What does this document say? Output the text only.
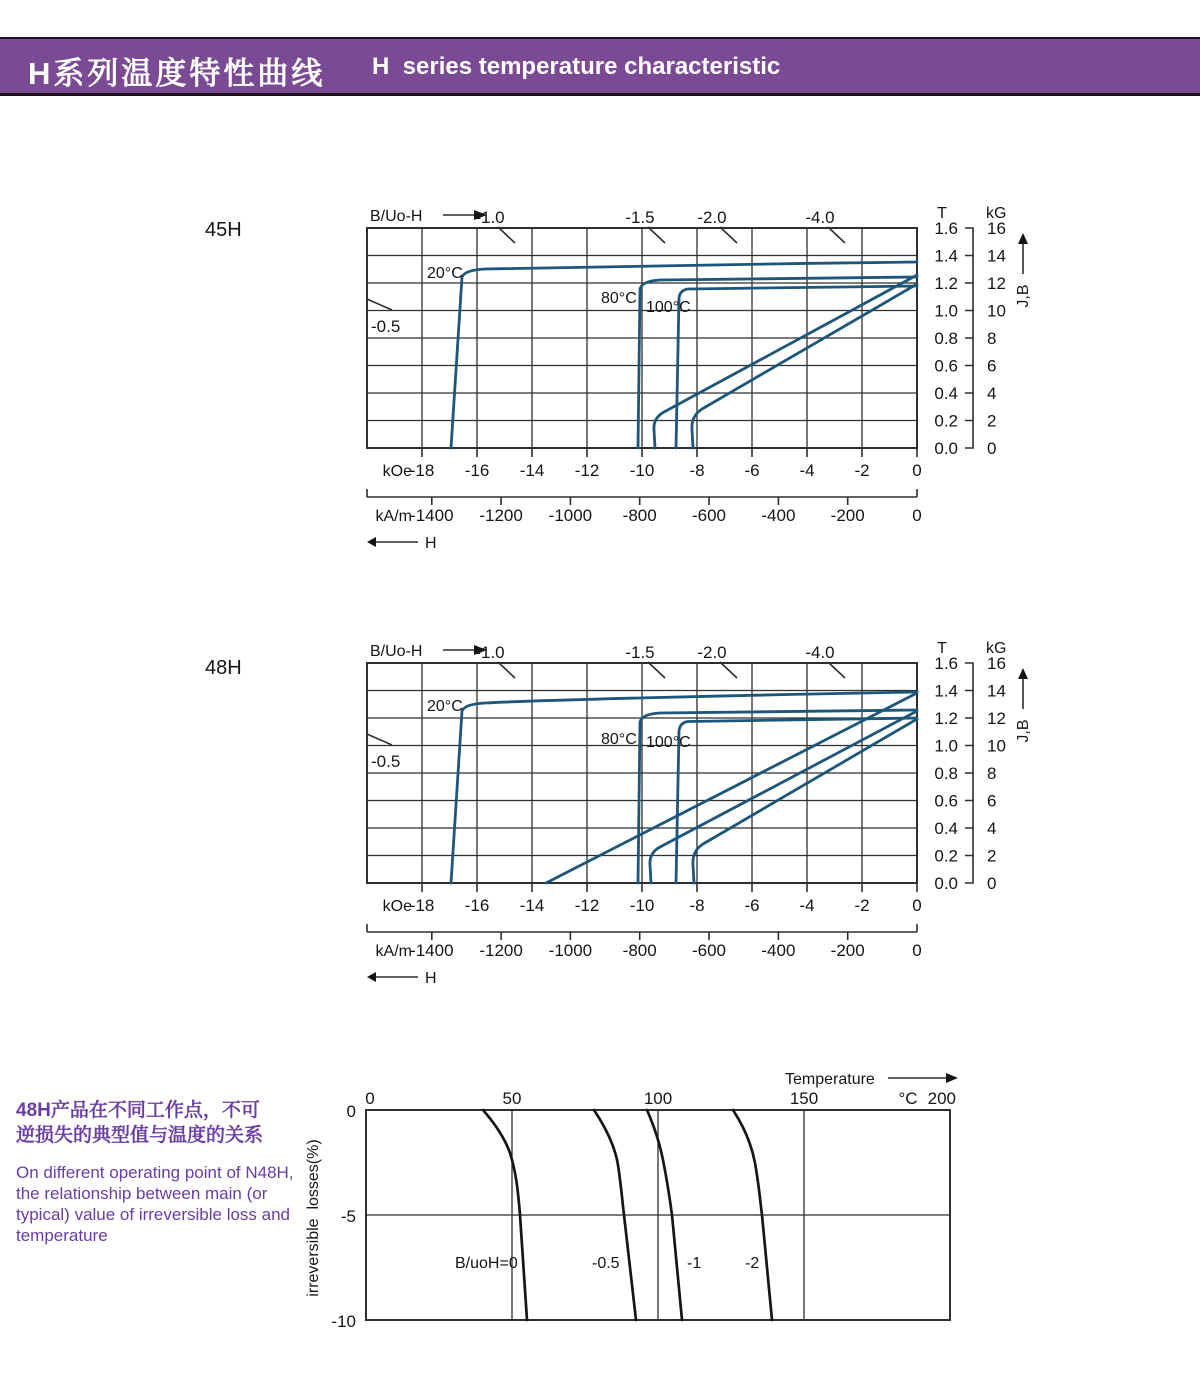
H系列温度特性曲线 H  series temperature characteristic
45H
48H
B/Uo-H	-1.0	-1.5	-2.0	-4.0
-0.5
20°C
80°C
100°C
kOe
-18 -16 -14 -12 -10 -8 -6 -4 -2	0
kA/m
-1400 -1200 -1000 -800 -600 -400 -200	0
H
T kG
1.6
1.4
1.2
1.0
0.8
0.6
0.4
0.2
0.0
16
14
12
10
8
6
4
2
0
J,B
B/Uo-H	-1.0	-1.5	-2.0	-4.0
-0.5
20°C
80°C 100°C
kOe
-18 -16 -14 -12 -10 -8 -6 -4 -2	0
kA/m
-1400 -1200 -1000 -800 -600 -400 -200	0
H
T kG
1.6
1.4
1.2
1.0
0.8
0.6
0.4
0.2
0.0
16
14
12
10
8
6
4
2
0
J,B
48H产品在不同工作点，不可
逆损失的典型值与温度的关系
On different operating point of N48H,
the relationship between main (or
typical) value of irreversible loss and
temperature
Temperature
0	50	100	150	°C 200
0
-5
-10
irreversible  losses(%)	B/uoH=0	-0.5	-1	-2
